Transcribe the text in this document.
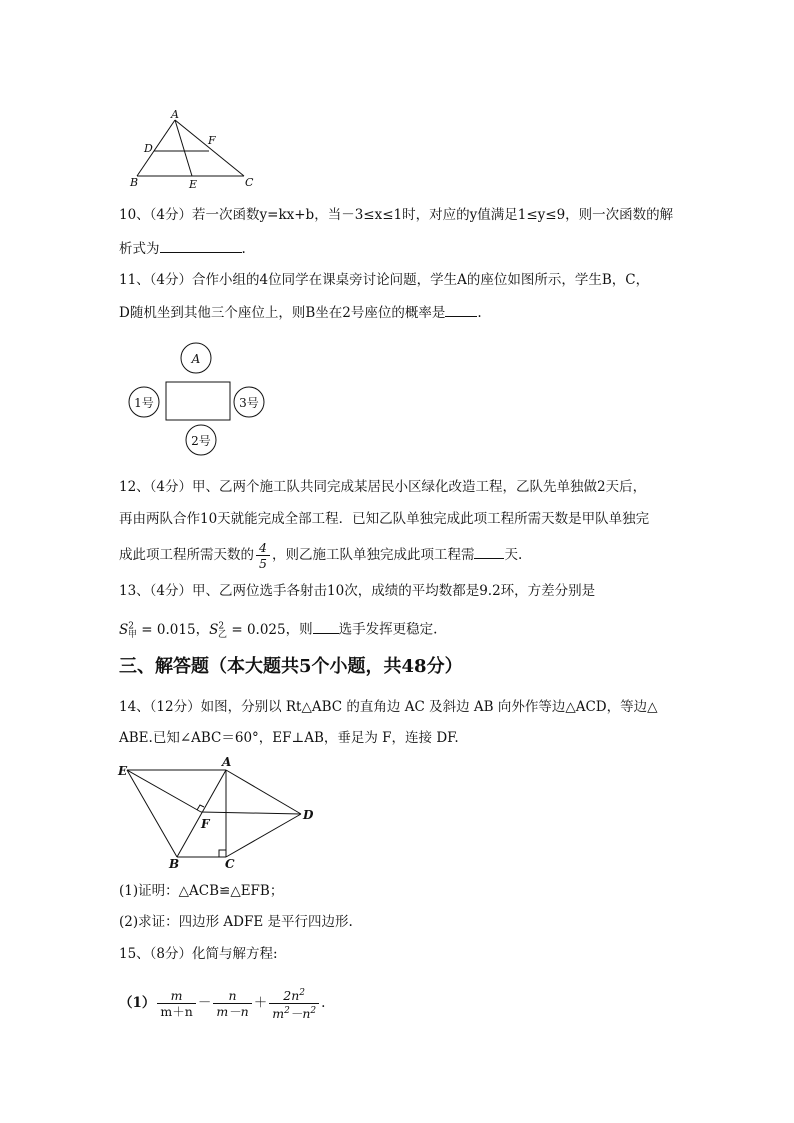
A
D
F
B	E	C
10、（4分）若一次函数y=kx+b，当－3≤x≤1时，对应的y值满足1≤y≤9，则一次函数的解
析式为	.
11、（4分）合作小组的4位同学在课桌旁讨论问题，学生A的座位如图所示，学生B，C，
D随机坐到其他三个座位上，则B坐在2号座位的概率是 .
A
1号	3号
2号
12、（4分）甲、乙两个施工队共同完成某居民小区绿化改造工程，乙队先单独做2天后，
再由两队合作10天就能完成全部工程．已知乙队单独完成此项工程所需天数是甲队单独完
成此项工程所需天数的 $\frac{4}{5}$ ，则乙施工队单独完成此项工程需 天.
13、（4分）甲、乙两位选手各射击10次，成绩的平均数都是9.2环，方差分别是
$S^2_甲 = 0.015$，$S^2_乙 = 0.025$，则 选手发挥更稳定.
三、解答题（本大题共5个小题，共48分）
14、（12分）如图，分别以 Rt△ABC 的直角边 AC 及斜边 AB 向外作等边△ACD，等边△
ABE.已知∠ABC＝60°，EF⊥AB，垂足为 F，连接 DF.
E
A
F
D
B	C
(1)证明：△ACB≌△EFB；
(2)求证：四边形 ADFE 是平行四边形.
15、（8分）化简与解方程:
$(1) \frac{m}{m+n} - \frac{n}{m-n} + \frac{2n^2}{m^2-n^2}$ .
